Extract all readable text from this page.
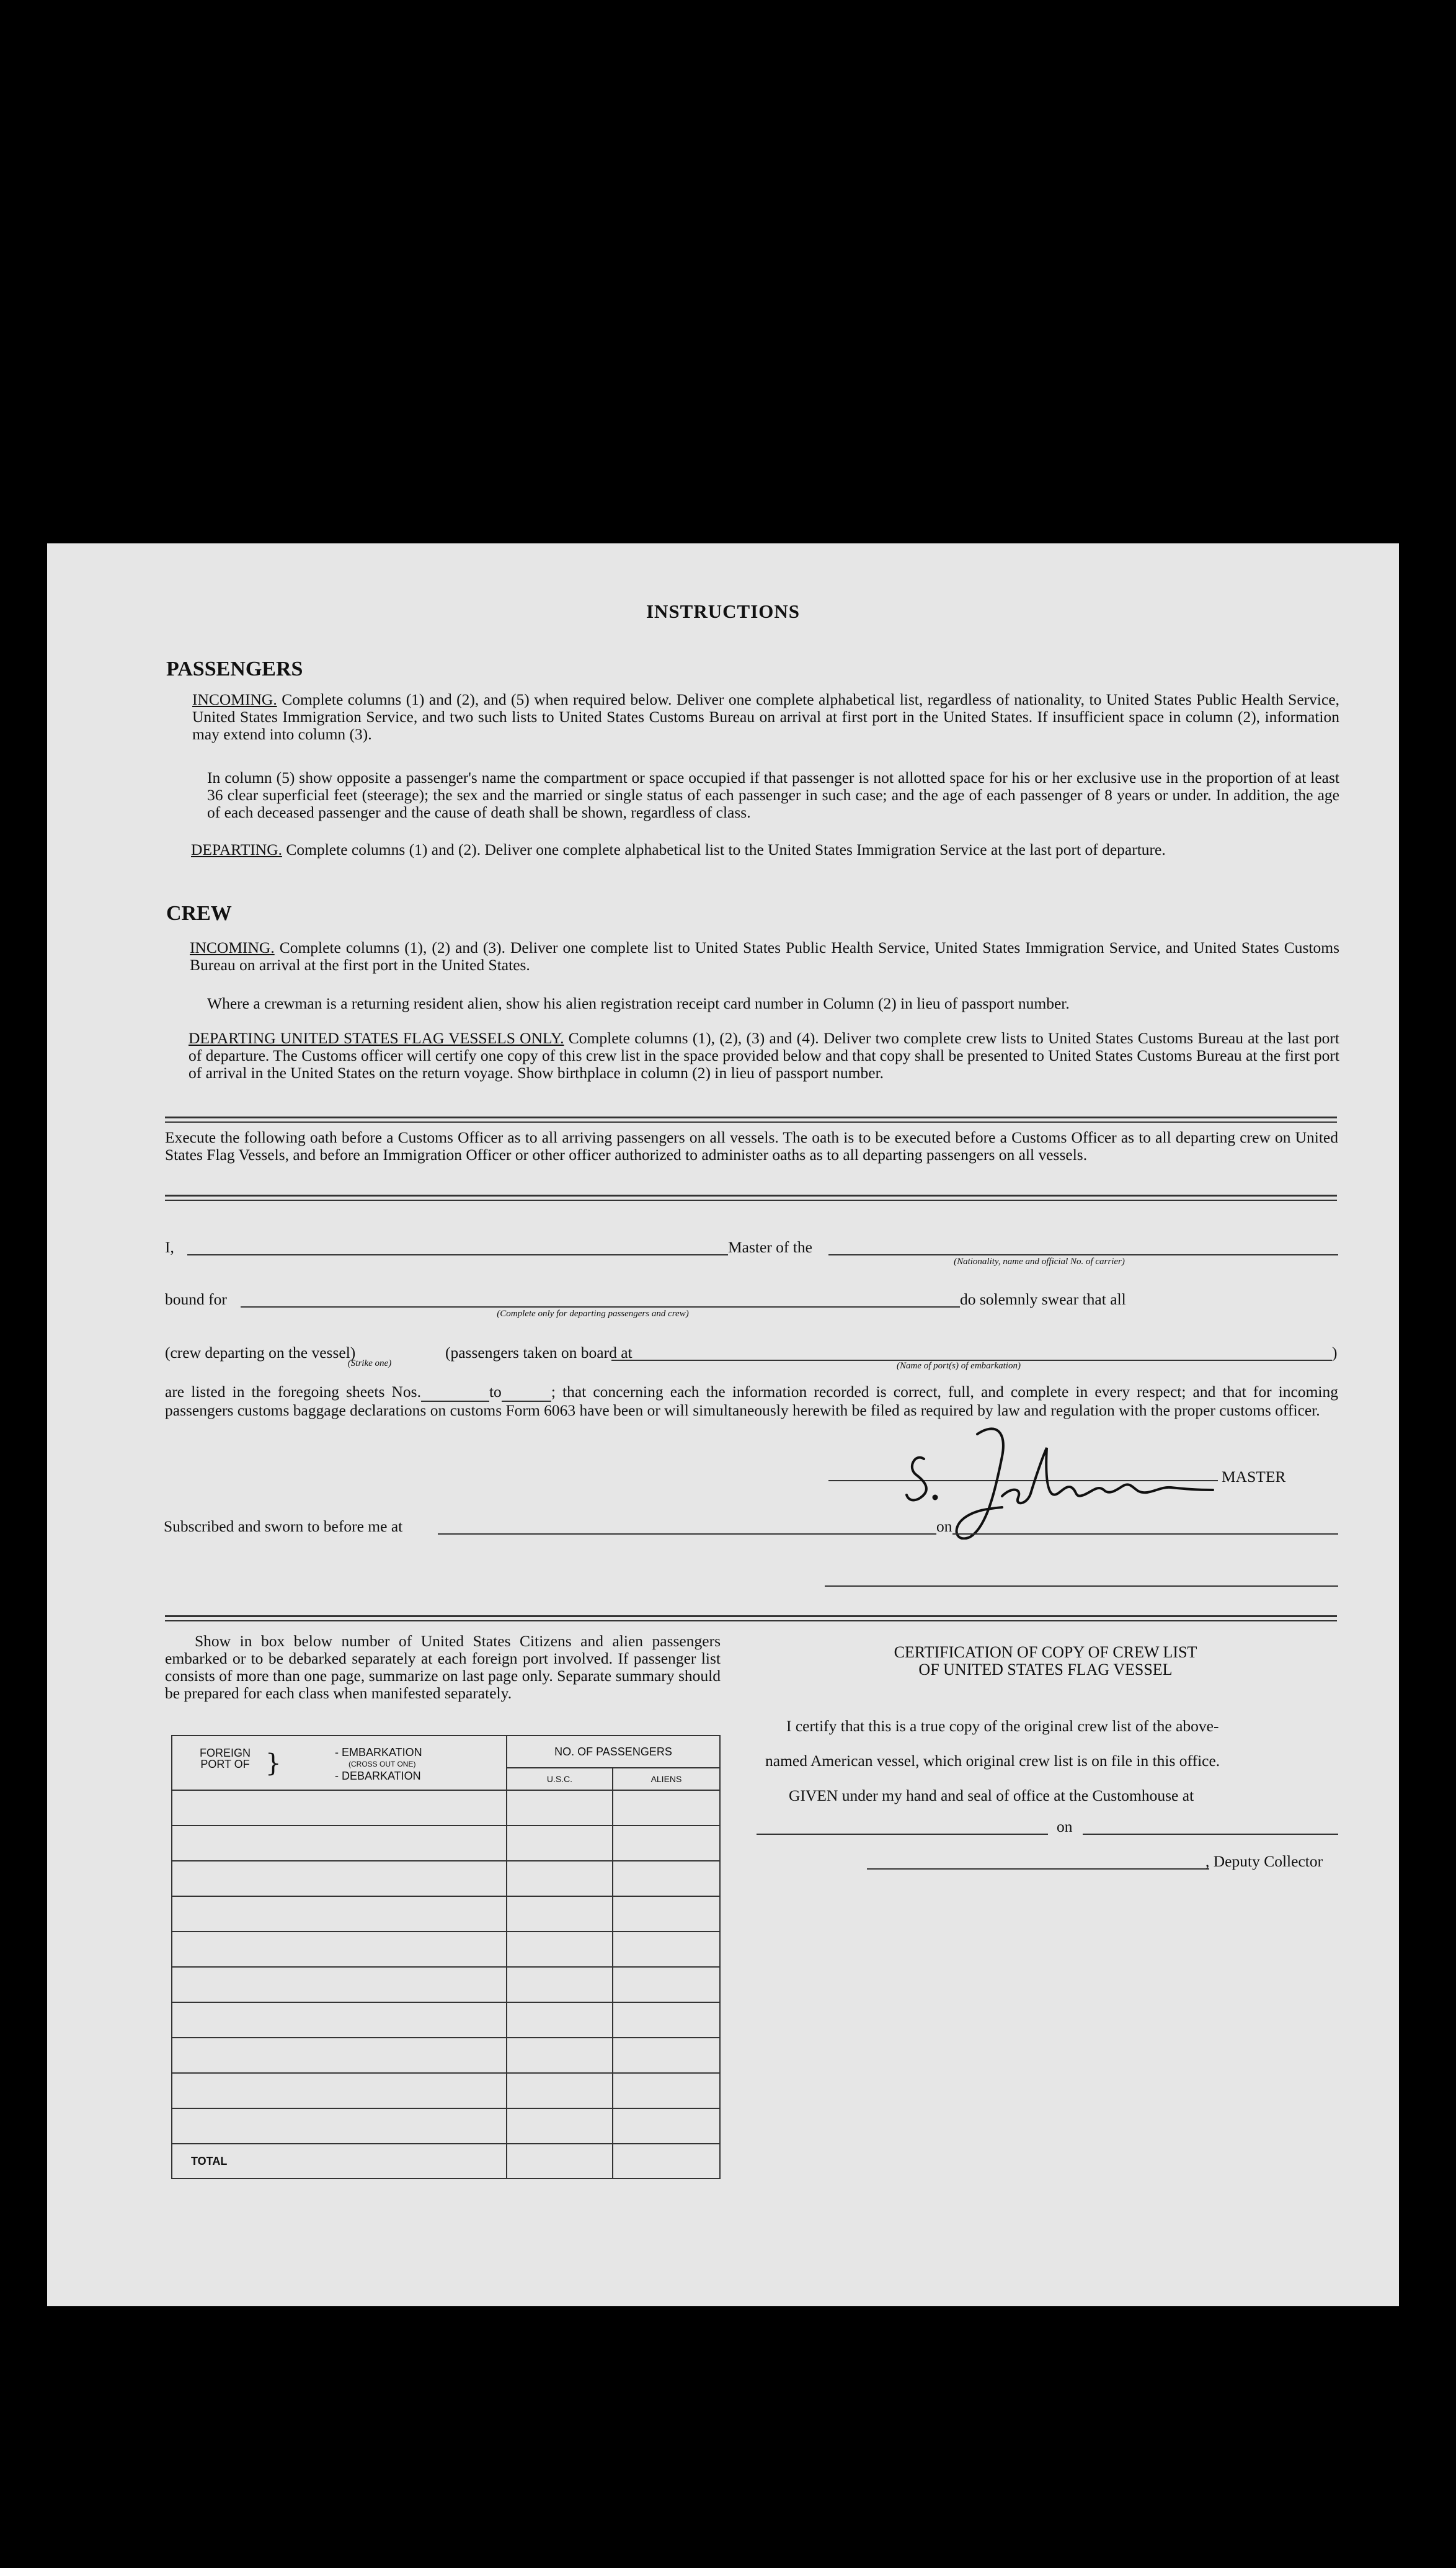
INSTRUCTIONS
PASSENGERS
INCOMING. Complete columns (1) and (2), and (5) when required below. Deliver one complete alphabetical list, regardless of nationality, to United States Public Health Service, United States Immigration Service, and two such lists to United States Customs Bureau on arrival at first port in the United States. If insufficient space in column (2), information may extend into column (3).
In column (5) show opposite a passenger's name the compartment or space occupied if that passenger is not allotted space for his or her exclusive use in the proportion of at least 36 clear superficial feet (steerage); the sex and the married or single status of each passenger in such case; and the age of each passenger of 8 years or under. In addition, the age of each deceased passenger and the cause of death shall be shown, regardless of class.
DEPARTING. Complete columns (1) and (2). Deliver one complete alphabetical list to the United States Immigration Service at the last port of departure.
CREW
INCOMING. Complete columns (1), (2) and (3). Deliver one complete list to United States Public Health Service, United States Immigration Service, and United States Customs Bureau on arrival at the first port in the United States.
Where a crewman is a returning resident alien, show his alien registration receipt card number in Column (2) in lieu of passport number.
DEPARTING UNITED STATES FLAG VESSELS ONLY. Complete columns (1), (2), (3) and (4). Deliver two complete crew lists to United States Customs Bureau at the last port of departure. The Customs officer will certify one copy of this crew list in the space provided below and that copy shall be presented to United States Customs Bureau at the first port of arrival in the United States on the return voyage. Show birthplace in column (2) in lieu of passport number.
Execute the following oath before a Customs Officer as to all arriving passengers on all vessels. The oath is to be executed before a Customs Officer as to all departing crew on United States Flag Vessels, and before an Immigration Officer or other officer authorized to administer oaths as to all departing passengers on all vessels.
I,	Master of the
(Nationality, name and official No. of carrier)
bound for
(Complete only for departing passengers and crew)
do solemnly swear that all
(crew departing on the vessel)
(Strike one)
(passengers taken on board at
(Name of port(s) of embarkation)
)
are listed in the foregoing sheets Nos.	to	; that concerning each the information recorded is correct, full, and complete in every respect; and that for incoming passengers customs baggage declarations on customs Form 6063 have been or will simultaneously herewith be filed as required by law and regulation with the proper customs officer.
MASTER
Subscribed and sworn to before me at	on
Show in box below number of United States Citizens and alien passengers embarked or to be debarked separately at each foreign port involved. If passenger list consists of more than one page, summarize on last page only. Separate summary should be prepared for each class when manifested separately.
FOREIGN PORT OF } - EMBARKATION
(CROSS OUT ONE)
- DEBARKATION	NO. OF PASSENGERS	
	U.S.C.	ALIENS

TOTAL		
CERTIFICATION OF COPY OF CREW LIST
OF UNITED STATES FLAG VESSEL
I certify that this is a true copy of the original crew list of the above-
named American vessel, which original crew list is on file in this office.
GIVEN under my hand and seal of office at the Customhouse at
on
, Deputy Collector
